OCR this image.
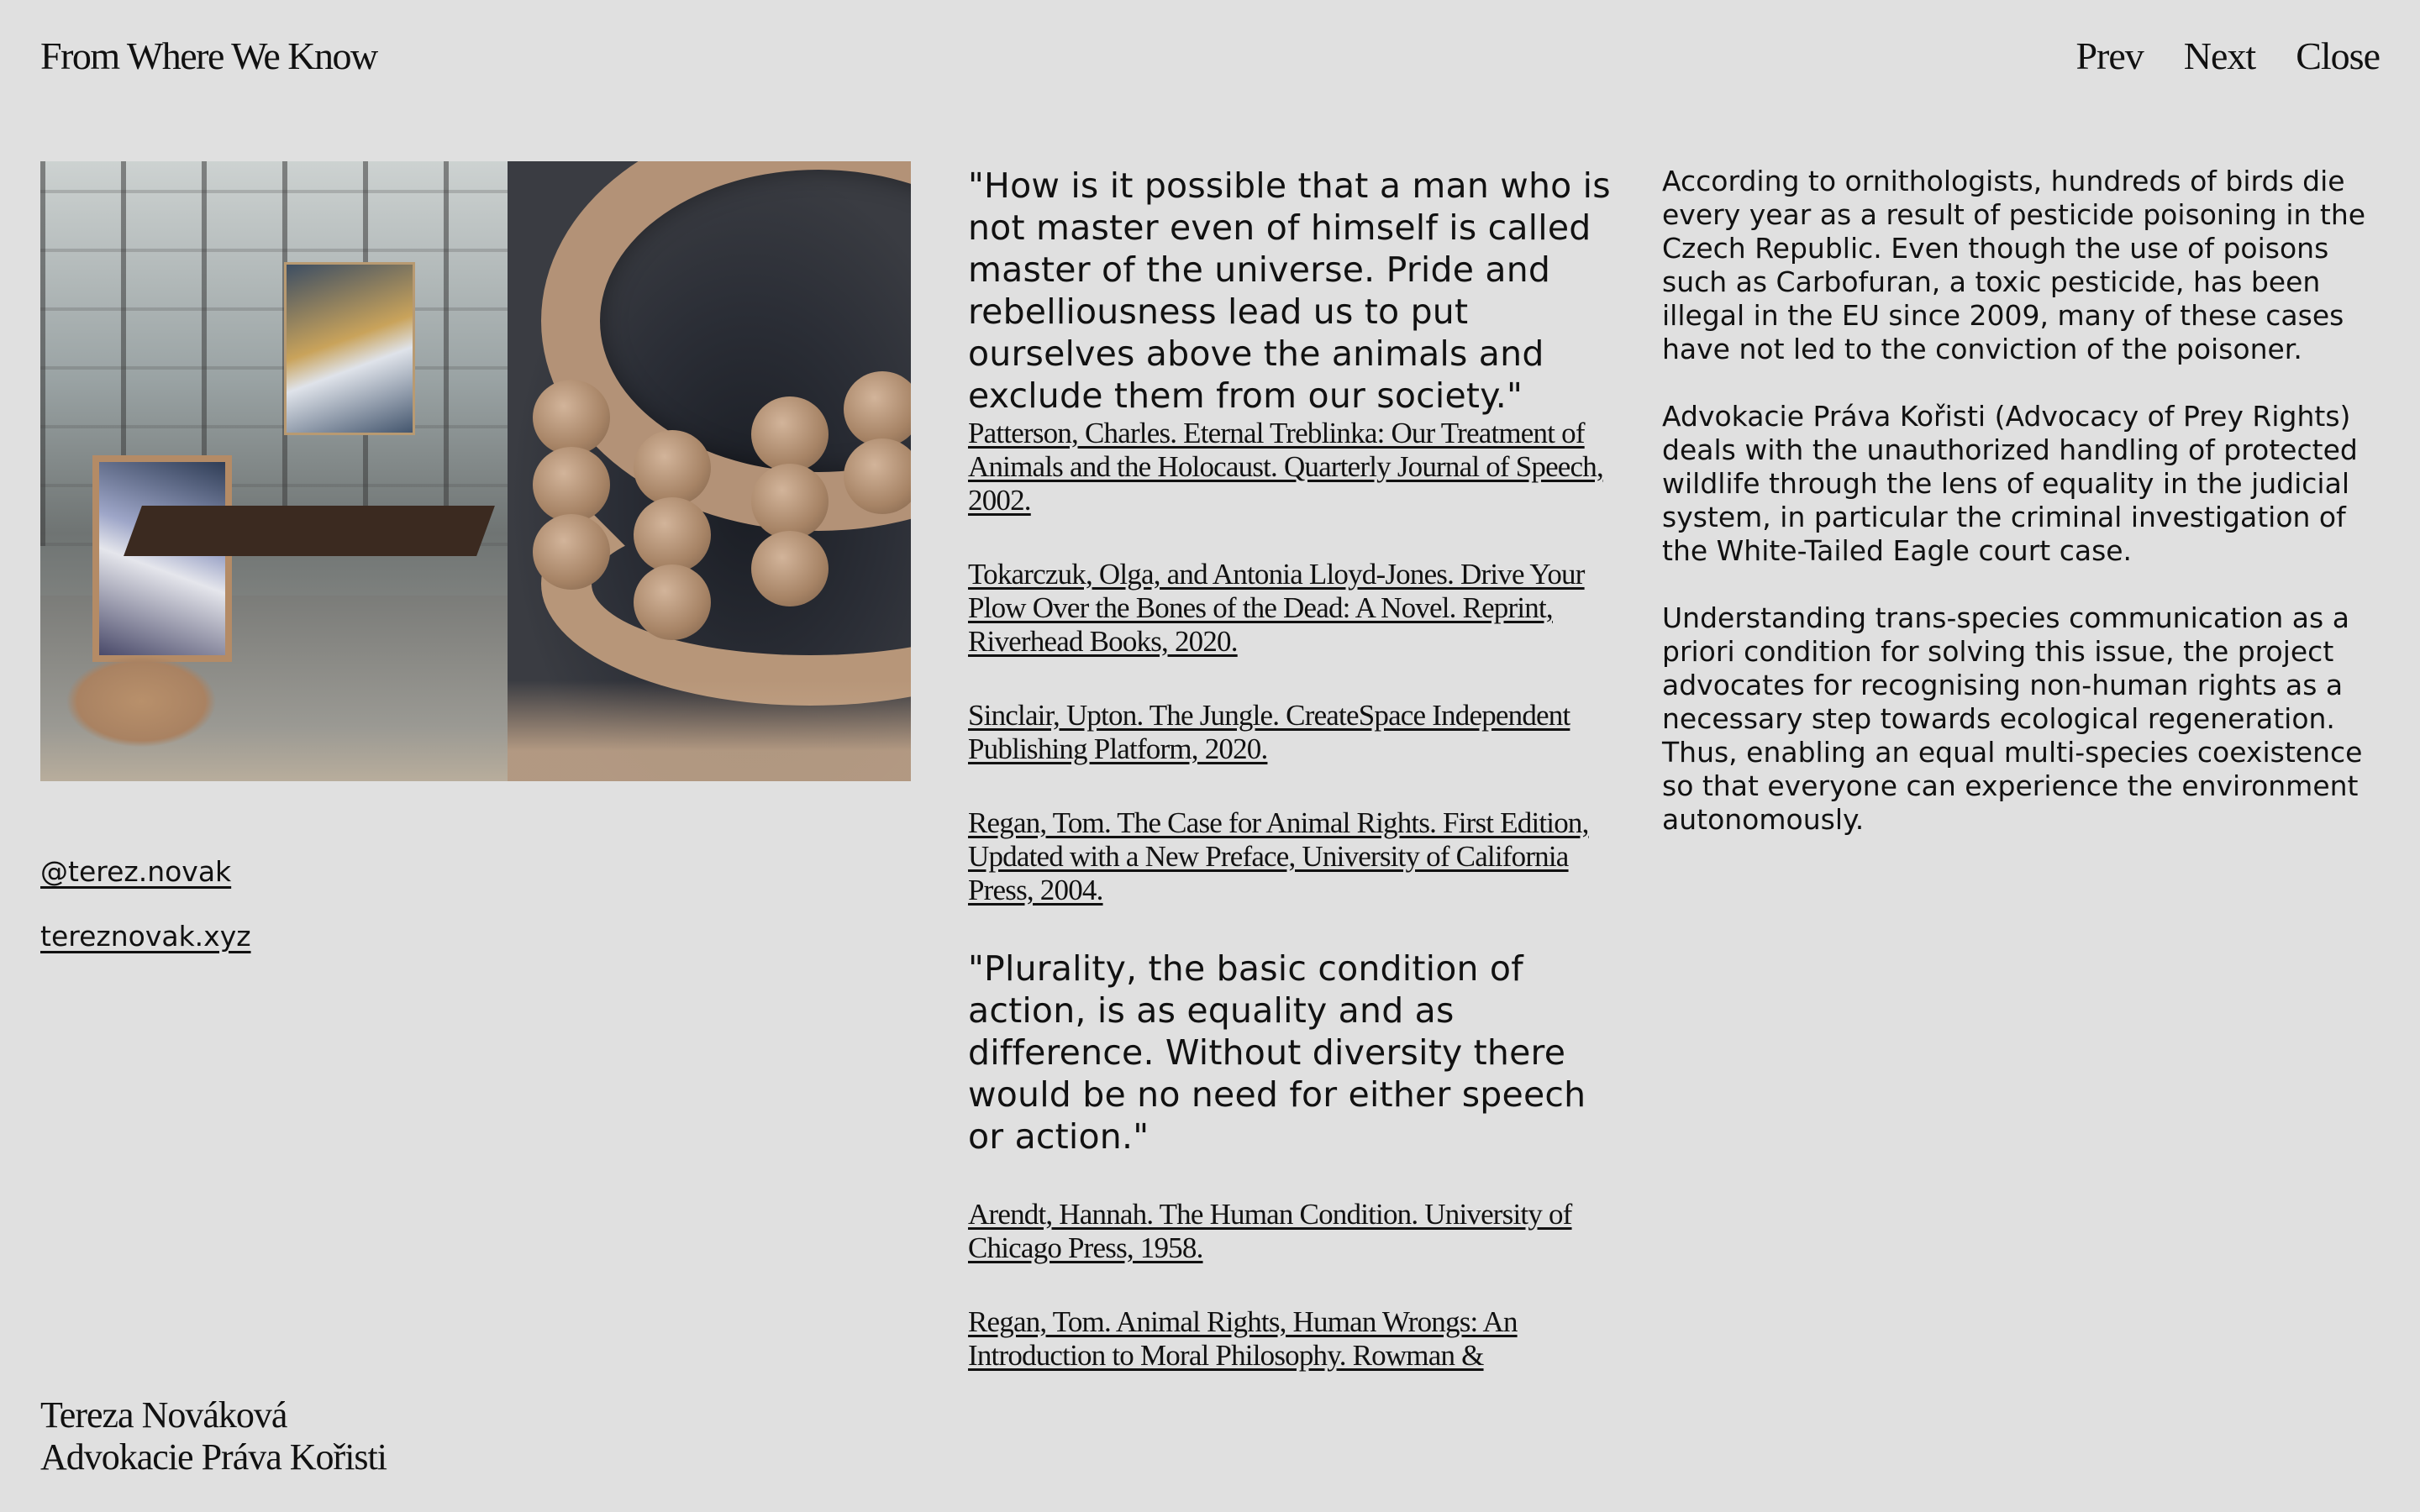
From Where We Know	Prev Next Close
@terez.novak
tereznovak.xyz

"How is it possible that a man who is not master even of himself is called master of the universe. Pride and rebelliousness lead us to put ourselves above the animals and exclude them from our society."

Patterson, Charles. Eternal Treblinka: Our Treatment of Animals and the Holocaust. Quarterly Journal of Speech, 2002.
Tokarczuk, Olga, and Antonia Lloyd-Jones. Drive Your Plow Over the Bones of the Dead: A Novel. Reprint, Riverhead Books, 2020.
Sinclair, Upton. The Jungle. CreateSpace Independent Publishing Platform, 2020.
Regan, Tom. The Case for Animal Rights. First Edition, Updated with a New Preface, University of California Press, 2004.

"Plurality, the basic condition of action, is as equality and as difference. Without diversity there would be no need for either speech or action."

Arendt, Hannah. The Human Condition. University of Chicago Press, 1958.
Regan, Tom. Animal Rights, Human Wrongs: An Introduction to Moral Philosophy. Rowman &

According to ornithologists, hundreds of birds die every year as a result of pesticide poisoning in the Czech Republic. Even though the use of poisons such as Carbofuran, a toxic pesticide, has been illegal in the EU since 2009, many of these cases have not led to the conviction of the poisoner.

Advokacie Práva Kořisti (Advocacy of Prey Rights) deals with the unauthorized handling of protected wildlife through the lens of equality in the judicial system, in particular the criminal investigation of the White-Tailed Eagle court case.

Understanding trans-species communication as a priori condition for solving this issue, the project advocates for recognising non-human rights as a necessary step towards ecological regeneration. Thus, enabling an equal multi-species coexistence so that everyone can experience the environment autonomously.

Tereza Nováková
Advokacie Práva Kořisti
